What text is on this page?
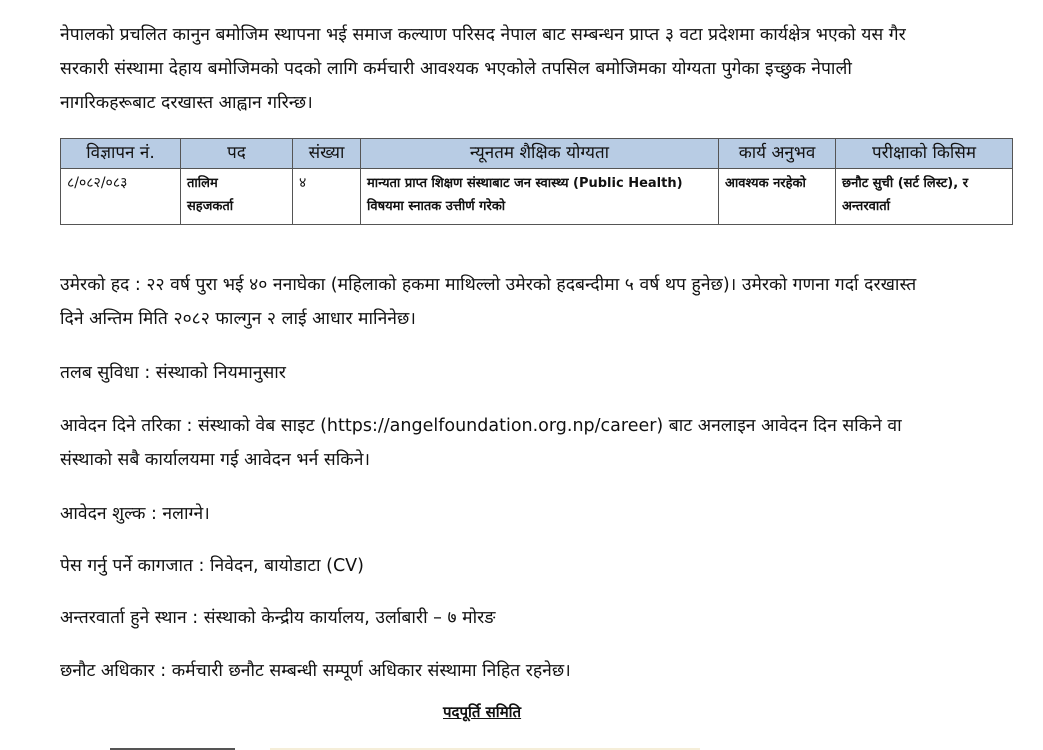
नेपालको प्रचलित कानुन बमोजिम स्थापना भई समाज कल्याण परिसद नेपाल बाट सम्बन्धन प्राप्त ३ वटा प्रदेशमा कार्यक्षेत्र भएको यस गैर सरकारी संस्थामा देहाय बमोजिमको पदको लागि कर्मचारी आवश्यक भएकोले तपसिल बमोजिमका योग्यता पुगेका इच्छुक नेपाली नागरिकहरूबाट दरखास्त आह्वान गरिन्छ।

विज्ञापन नं.	पद	संख्या	न्यूनतम शैक्षिक योग्यता	कार्य अनुभव	परीक्षाको किसिम
८/०८२/०८३	तालिम सहजकर्ता	४	मान्यता प्राप्त शिक्षण संस्थाबाट जन स्वास्थ्य (Public Health) विषयमा स्नातक उत्तीर्ण गरेको	आवश्यक नरहेको	छनौट सुची (सर्ट लिस्ट), र अन्तरवार्ता

उमेरको हद : २२ वर्ष पुरा भई ४० ननाघेका (महिलाको हकमा माथिल्लो उमेरको हदबन्दीमा ५ वर्ष थप हुनेछ)। उमेरको गणना गर्दा दरखास्त दिने अन्तिम मिति २०८२ फाल्गुन २ लाई आधार मानिनेछ।

तलब सुविधा : संस्थाको नियमानुसार

आवेदन दिने तरिका : संस्थाको वेब साइट (https://angelfoundation.org.np/career) बाट अनलाइन आवेदन दिन सकिने वा संस्थाको सबै कार्यालयमा गई आवेदन भर्न सकिने।

आवेदन शुल्क : नलाग्ने।

पेस गर्नु पर्ने कागजात : निवेदन, बायोडाटा (CV)

अन्तरवार्ता हुने स्थान : संस्थाको केन्द्रीय कार्यालय, उर्लाबारी – ७ मोरङ

छनौट अधिकार : कर्मचारी छनौट सम्बन्धी सम्पूर्ण अधिकार संस्थामा निहित रहनेछ।

पदपूर्ति समिति
